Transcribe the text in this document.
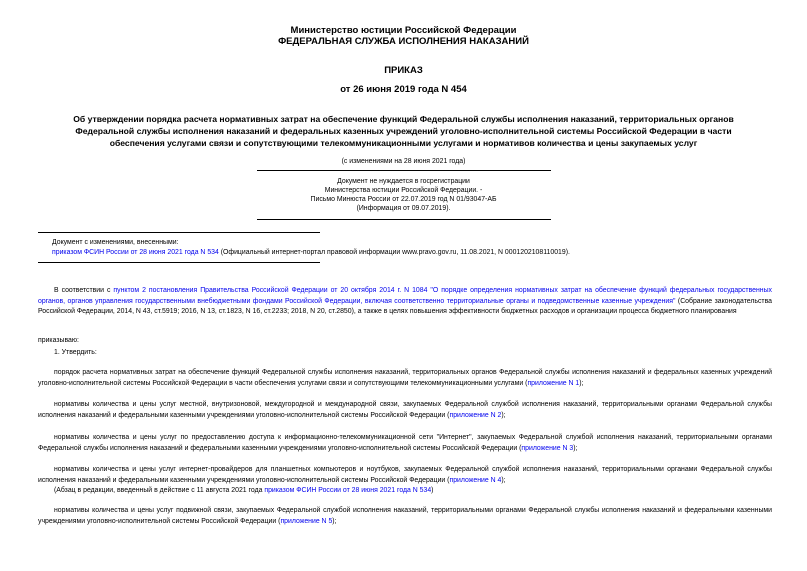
Министерство юстиции Российской Федерации
ФЕДЕРАЛЬНАЯ СЛУЖБА ИСПОЛНЕНИЯ НАКАЗАНИЙ
ПРИКАЗ
от 26 июня 2019 года N 454
Об утверждении порядка расчета нормативных затрат на обеспечение функций Федеральной службы исполнения наказаний, территориальных органов
Федеральной службы исполнения наказаний и федеральных казенных учреждений уголовно-исполнительной системы Российской Федерации в части
обеспечения услугами связи и сопутствующими телекоммуникационными услугами и нормативов количества и цены закупаемых услуг
(с изменениями на 28 июня 2021 года)
Документ не нуждается в госрегистрации
Министерства юстиции Российской Федерации. -
Письмо Минюста России от 22.07.2019 год N 01/93047-АБ
(Информация от 09.07.2019).
Документ с изменениями, внесенными:
приказом ФСИН России от 28 июня 2021 года N 534 (Официальный интернет-портал правовой информации www.pravo.gov.ru, 11.08.2021, N 0001202108110019).
В соответствии с пунктом 2 постановления Правительства Российской Федерации от 20 октября 2014 г. N 1084 "О порядке определения нормативных затрат на обеспечение функций федеральных государственных органов, органов управления государственными внебюджетными фондами Российской Федерации, включая соответственно территориальные органы и подведомственные казенные учреждения" (Собрание законодательства Российской Федерации, 2014, N 43, ст.5919; 2016, N 13, ст.1823, N 16, ст.2233; 2018, N 20, ст.2850), а также в целях повышения эффективности бюджетных расходов и организации процесса бюджетного планирования
приказываю:
1. Утвердить:
порядок расчета нормативных затрат на обеспечение функций Федеральной службы исполнения наказаний, территориальных органов Федеральной службы исполнения наказаний и федеральных казенных учреждений уголовно-исполнительной системы Российской Федерации в части обеспечения услугами связи и сопутствующими телекоммуникационными услугами (приложение N 1);
нормативы количества и цены услуг местной, внутризоновой, междугородной и международной связи, закупаемых Федеральной службой исполнения наказаний, территориальными органами Федеральной службы исполнения наказаний и федеральными казенными учреждениями уголовно-исполнительной системы Российской Федерации (приложение N 2);
нормативы количества и цены услуг по предоставлению доступа к информационно-телекоммуникационной сети "Интернет", закупаемых Федеральной службой исполнения наказаний, территориальными органами Федеральной службы исполнения наказаний и федеральными казенными учреждениями уголовно-исполнительной системы Российской Федерации (приложение N 3);
нормативы количества и цены услуг интернет-провайдеров для планшетных компьютеров и ноутбуков, закупаемых Федеральной службой исполнения наказаний, территориальными органами Федеральной службы исполнения наказаний и федеральными казенными учреждениями уголовно-исполнительной системы Российской Федерации (приложение N 4);
(Абзац в редакции, введенный в действие с 11 августа 2021 года приказом ФСИН России от 28 июня 2021 года N 534)
нормативы количества и цены услуг подвижной связи, закупаемых Федеральной службой исполнения наказаний, территориальными органами Федеральной службы исполнения наказаний и федеральными казенными учреждениями уголовно-исполнительной системы Российской Федерации (приложение N 5);
